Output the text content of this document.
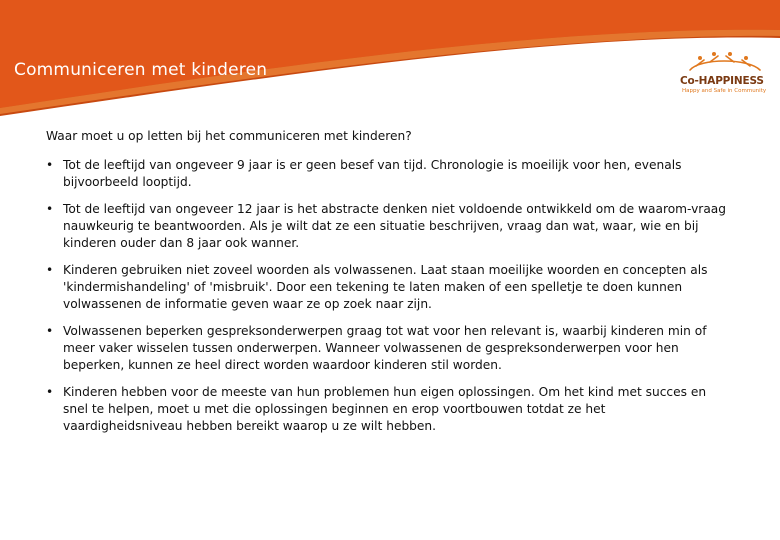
Communiceren met kinderen
Co-HAPPINESS
Happy and Safe in Community
Waar moet u op letten bij het communiceren met kinderen?
• Tot de leeftijd van ongeveer 9 jaar is er geen besef van tijd. Chronologie is moeilijk voor hen, evenals bijvoorbeeld looptijd.
• Tot de leeftijd van ongeveer 12 jaar is het abstracte denken niet voldoende ontwikkeld om de waarom-vraag nauwkeurig te beantwoorden. Als je wilt dat ze een situatie beschrijven, vraag dan wat, waar, wie en bij kinderen ouder dan 8 jaar ook wanner.
• Kinderen gebruiken niet zoveel woorden als volwassenen. Laat staan moeilijke woorden en concepten als 'kindermishandeling' of 'misbruik'. Door een tekening te laten maken of een spelletje te doen kunnen volwassenen de informatie geven waar ze op zoek naar zijn.
• Volwassenen beperken gespreksonderwerpen graag tot wat voor hen relevant is, waarbij kinderen min of meer vaker wisselen tussen onderwerpen. Wanneer volwassenen de gespreksonderwerpen voor hen beperken, kunnen ze heel direct worden waardoor kinderen stil worden.
• Kinderen hebben voor de meeste van hun problemen hun eigen oplossingen. Om het kind met succes en snel te helpen, moet u met die oplossingen beginnen en erop voortbouwen totdat ze het vaardigheidsniveau hebben bereikt waarop u ze wilt hebben.
